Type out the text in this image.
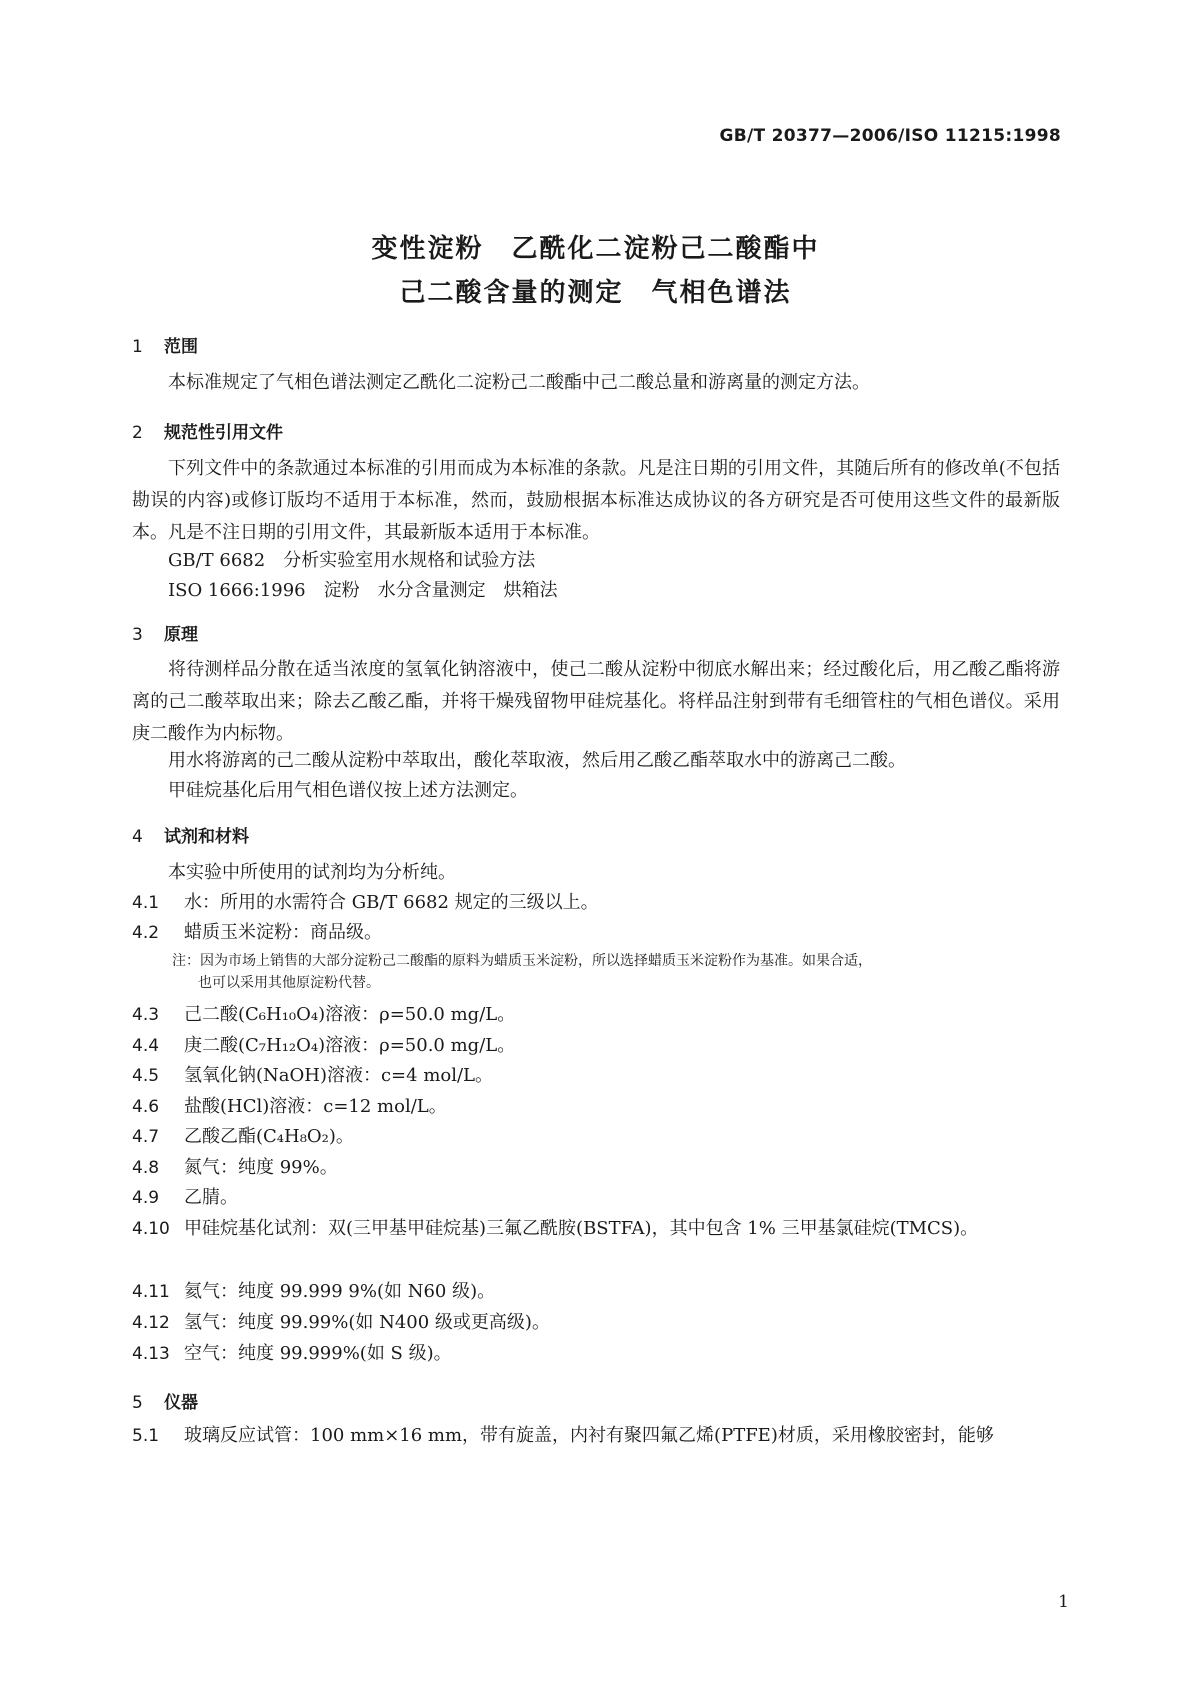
GB/T 20377—2006/ISO 11215:1998
变性淀粉　乙酰化二淀粉己二酸酯中
己二酸含量的测定　气相色谱法
1 范围
本标准规定了气相色谱法测定乙酰化二淀粉己二酸酯中己二酸总量和游离量的测定方法。
2 规范性引用文件
下列文件中的条款通过本标准的引用而成为本标准的条款。凡是注日期的引用文件，其随后所有的修改单(不包括勘误的内容)或修订版均不适用于本标准，然而，鼓励根据本标准达成协议的各方研究是否可使用这些文件的最新版本。凡是不注日期的引用文件，其最新版本适用于本标准。
GB/T 6682　分析实验室用水规格和试验方法
ISO 1666:1996　淀粉　水分含量测定　烘箱法
3 原理
将待测样品分散在适当浓度的氢氧化钠溶液中，使己二酸从淀粉中彻底水解出来；经过酸化后，用乙酸乙酯将游离的己二酸萃取出来；除去乙酸乙酯，并将干燥残留物甲硅烷基化。将样品注射到带有毛细管柱的气相色谱仪。采用庚二酸作为内标物。
用水将游离的己二酸从淀粉中萃取出，酸化萃取液，然后用乙酸乙酯萃取水中的游离己二酸。
甲硅烷基化后用气相色谱仪按上述方法测定。
4 试剂和材料
本实验中所使用的试剂均为分析纯。
4.1 水：所用的水需符合 GB/T 6682 规定的三级以上。
4.2 蜡质玉米淀粉：商品级。
注：因为市场上销售的大部分淀粉己二酸酯的原料为蜡质玉米淀粉，所以选择蜡质玉米淀粉作为基准。如果合适，
也可以采用其他原淀粉代替。
4.3 己二酸(C₆H₁₀O₄)溶液：ρ=50.0 mg/L。
4.4 庚二酸(C₇H₁₂O₄)溶液：ρ=50.0 mg/L。
4.5 氢氧化钠(NaOH)溶液：c=4 mol/L。
4.6 盐酸(HCl)溶液：c=12 mol/L。
4.7 乙酸乙酯(C₄H₈O₂)。
4.8 氮气：纯度 99%。
4.9 乙腈。
4.10 甲硅烷基化试剂：双(三甲基甲硅烷基)三氟乙酰胺(BSTFA)，其中包含 1% 三甲基氯硅烷(TMCS)。
4.11 氦气：纯度 99.999 9%(如 N60 级)。
4.12 氢气：纯度 99.99%(如 N400 级或更高级)。
4.13 空气：纯度 99.999%(如 S 级)。
5 仪器
5.1 玻璃反应试管：100 mm×16 mm，带有旋盖，内衬有聚四氟乙烯(PTFE)材质，采用橡胶密封，能够
1
